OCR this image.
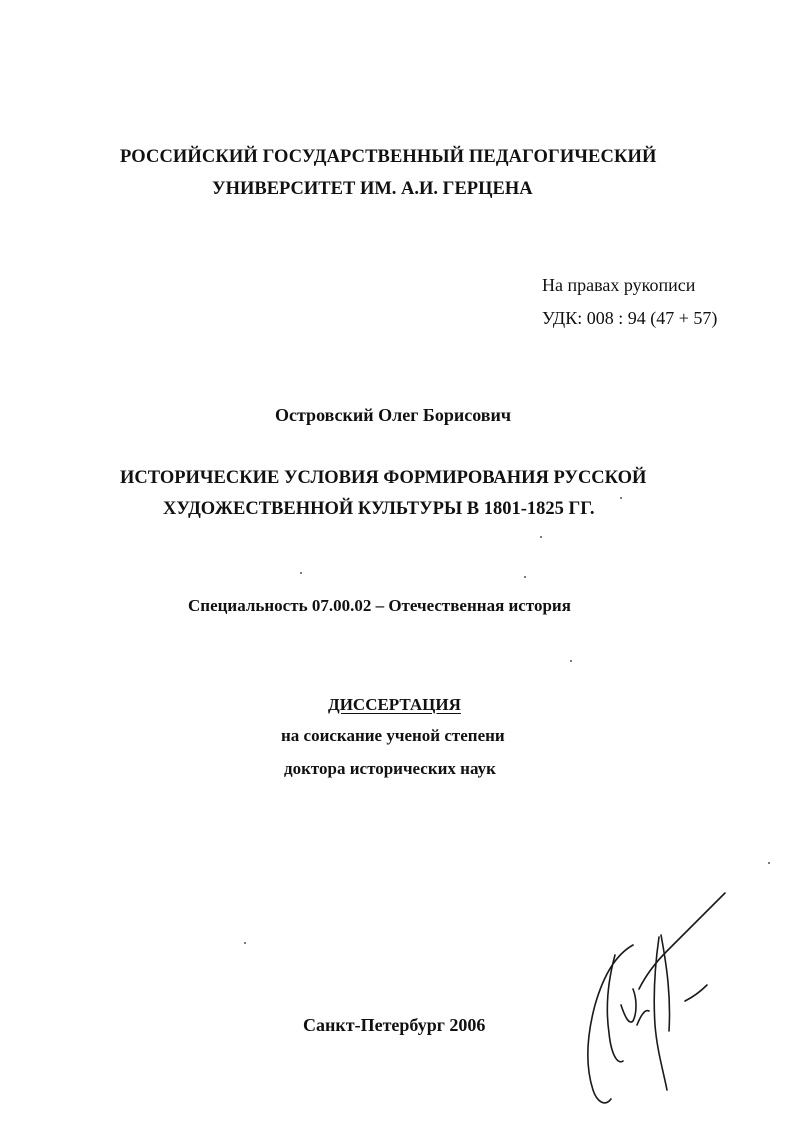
РОССИЙСКИЙ ГОСУДАРСТВЕННЫЙ ПЕДАГОГИЧЕСКИЙ
УНИВЕРСИТЕТ ИМ. А.И. ГЕРЦЕНА
На правах рукописи
УДК: 008 : 94 (47 + 57)
Островский Олег Борисович
ИСТОРИЧЕСКИЕ УСЛОВИЯ ФОРМИРОВАНИЯ РУССКОЙ
ХУДОЖЕСТВЕННОЙ КУЛЬТУРЫ В 1801-1825 ГГ.
Специальность 07.00.02 – Отечественная история
ДИССЕРТАЦИЯ
на соискание ученой степени
доктора исторических наук
Санкт-Петербург 2006
